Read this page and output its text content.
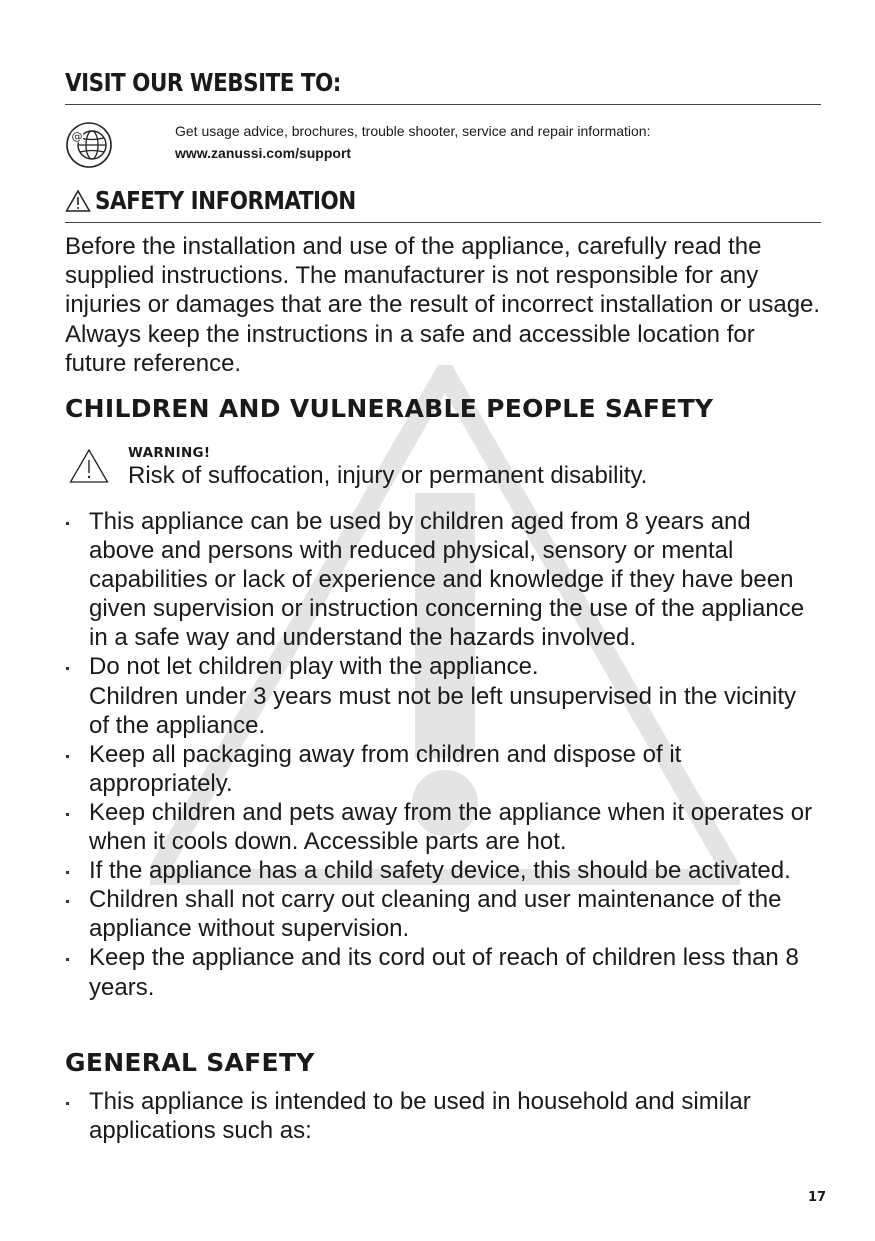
VISIT OUR WEBSITE TO:
@	Get usage advice, brochures, trouble shooter, service and repair information:
www.zanussi.com/support
SAFETY INFORMATION

Before the installation and use of the appliance, carefully read the supplied instructions. The manufacturer is not responsible for any injuries or damages that are the result of incorrect installation or usage. Always keep the instructions in a safe and accessible location for future reference.

CHILDREN AND VULNERABLE PEOPLE SAFETY
WARNING!
Risk of suffocation, injury or permanent disability.
This appliance can be used by children aged from 8 years and above and persons with reduced physical, sensory or mental capabilities or lack of experience and knowledge if they have been given supervision or instruction concerning the use of the appliance in a safe way and understand the hazards involved.
Do not let children play with the appliance.
Children under 3 years must not be left unsupervised in the vicinity of the appliance.
Keep all packaging away from children and dispose of it appropriately.
Keep children and pets away from the appliance when it operates or when it cools down. Accessible parts are hot.
If the appliance has a child safety device, this should be activated.
Children shall not carry out cleaning and user maintenance of the appliance without supervision.
Keep the appliance and its cord out of reach of children less than 8 years.
GENERAL SAFETY
This appliance is intended to be used in household and similar applications such as:
17
